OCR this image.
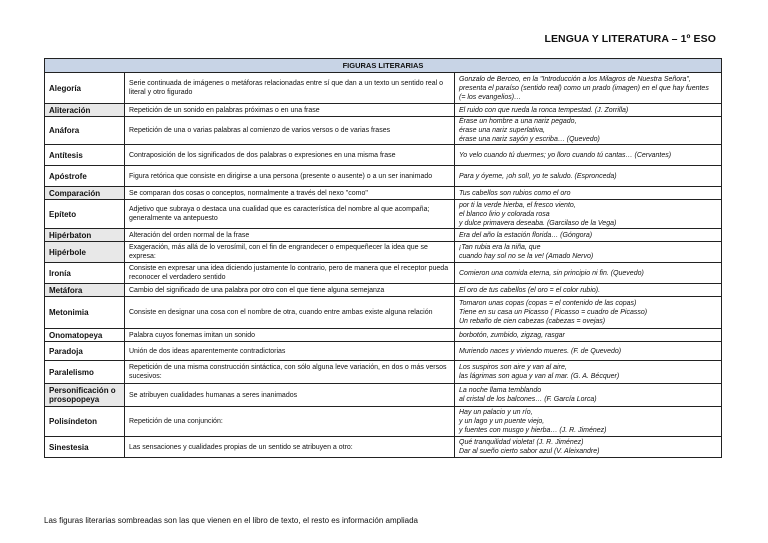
LENGUA Y LITERATURA – 1º ESO
FIGURAS LITERARIAS		
Alegoría	Serie continuada de imágenes o metáforas relacionadas entre sí que dan a un texto un sentido real o literal y otro figurado	Gonzalo de Berceo, en la "Introducción a los Milagros de Nuestra Señora", presenta el paraíso (sentido real) como un prado (imagen) en el que hay fuentes (= los evangelios)…
Aliteración	Repetición de un sonido en palabras próximas o en una frase	El ruido con que rueda la ronca tempestad. (J. Zorrilla)
Anáfora	Repetición de una o varias palabras al comienzo de varios versos o de varias frases	Érase un hombre a una nariz pegado,
érase una nariz superlativa,
érase una nariz sayón y escriba… (Quevedo)
Antítesis	Contraposición de los significados de dos palabras o expresiones en una misma frase	Yo velo cuando tú duermes; yo lloro cuando tú cantas… (Cervantes)
Apóstrofe	Figura retórica que consiste en dirigirse a una persona (presente o ausente) o a un ser inanimado	Para y óyeme, ¡oh sol!, yo te saludo. (Espronceda)
Comparación	Se comparan dos cosas o conceptos, normalmente a través del nexo "como"	Tus cabellos son rubios como el oro
Epíteto	Adjetivo que subraya o destaca una cualidad que es característica del nombre al que acompaña; generalmente va antepuesto	por ti la verde hierba, el fresco viento,
el blanco lirio y colorada rosa
y dulce primavera deseaba. (Garcilaso de la Vega)
Hipérbaton	Alteración del orden normal de la frase	Era del año la estación florida… (Góngora)
Hipérbole	Exageración, más allá de lo verosímil, con el fin de engrandecer o empequeñecer la idea que se expresa:	¡Tan rubia era la niña, que
cuando hay sol no se la ve! (Amado Nervo)
Ironía	Consiste en expresar una idea diciendo justamente lo contrario, pero de manera que el receptor pueda reconocer el verdadero sentido	Comieron una comida eterna, sin principio ni fin. (Quevedo)
Metáfora	Cambio del significado de una palabra por otro con el que tiene alguna semejanza	El oro de tus cabellos (el oro = el color rubio).
Metonimia	Consiste en designar una cosa con el nombre de otra, cuando entre ambas existe alguna relación	Tomaron unas copas (copas = el contenido de las copas)
Tiene en su casa un Picasso ( Picasso = cuadro de Picasso)
Un rebaño de cien cabezas (cabezas = ovejas)
Onomatopeya	Palabra cuyos fonemas imitan un sonido	borbotón, zumbido, zigzag, rasgar
Paradoja	Unión de dos ideas aparentemente contradictorias	Muriendo naces y viviendo mueres. (F. de Quevedo)
Paralelismo	Repetición de una misma construcción sintáctica, con sólo alguna leve variación, en dos o más versos sucesivos:	Los suspiros son aire y van al aire,
las lágrimas son agua y van al mar. (G. A. Bécquer)
Personificación o prosopopeya	Se atribuyen cualidades humanas a seres inanimados	La noche llama temblando
al cristal de los balcones… (F. García Lorca)
Polisíndeton	Repetición de una conjunción:	Hay un palacio y un río,
y un lago y un puente viejo,
y fuentes con musgo y hierba… (J. R. Jiménez)
Sinestesia	Las sensaciones y cualidades propias de un sentido se atribuyen a otro:	Qué tranquilidad violeta! (J. R. Jiménez)
Dar al sueño cierto sabor azul (V. Aleixandre)
Las figuras literarias sombreadas son las que vienen en el libro de texto, el resto es información ampliada
